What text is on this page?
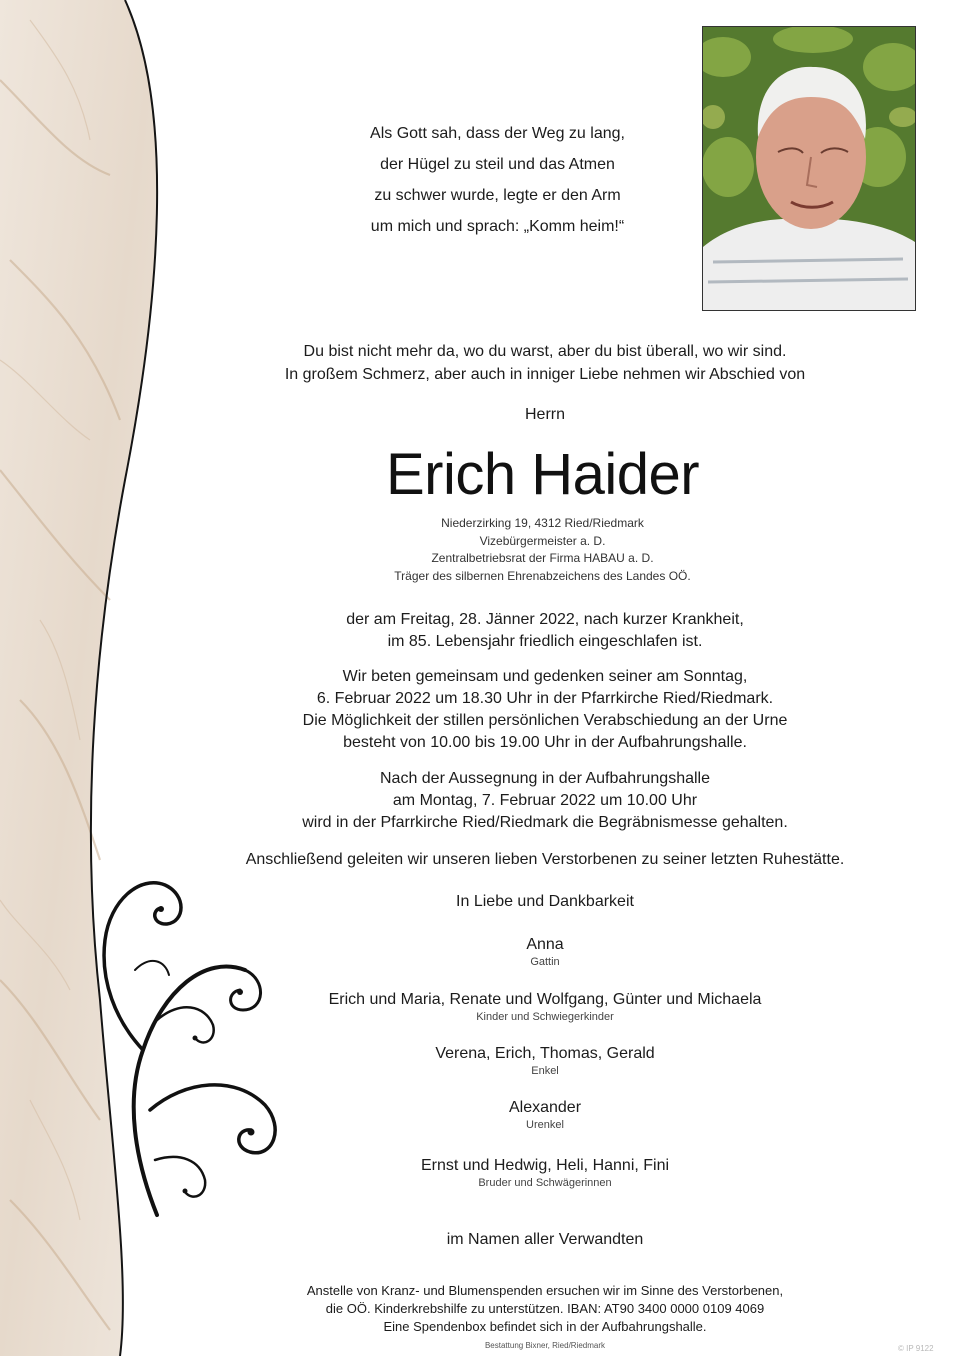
Als Gott sah, dass der Weg zu lang,
der Hügel zu steil und das Atmen
zu schwer wurde, legte er den Arm
um mich und sprach: „Komm heim!“
Du bist nicht mehr da, wo du warst, aber du bist überall, wo wir sind.
In großem Schmerz, aber auch in inniger Liebe nehmen wir Abschied von
Herrn
Erich Haider
Niederzirking 19, 4312 Ried/Riedmark
Vizebürgermeister a. D.
Zentralbetriebsrat der Firma HABAU a. D.
Träger des silbernen Ehrenabzeichens des Landes OÖ.
der am Freitag, 28. Jänner 2022, nach kurzer Krankheit,
im 85. Lebensjahr friedlich eingeschlafen ist.
Wir beten gemeinsam und gedenken seiner am Sonntag,
6. Februar 2022 um 18.30 Uhr in der Pfarrkirche Ried/Riedmark.
Die Möglichkeit der stillen persönlichen Verabschiedung an der Urne
besteht von 10.00 bis 19.00 Uhr in der Aufbahrungshalle.
Nach der Aussegnung in der Aufbahrungshalle
am Montag, 7. Februar 2022 um 10.00 Uhr
wird in der Pfarrkirche Ried/Riedmark die Begräbnismesse gehalten.
Anschließend geleiten wir unseren lieben Verstorbenen zu seiner letzten Ruhestätte.
In Liebe und Dankbarkeit
Anna
Gattin
Erich und Maria, Renate und Wolfgang, Günter und Michaela
Kinder und Schwiegerkinder
Verena, Erich, Thomas, Gerald
Enkel
Alexander
Urenkel
Ernst und Hedwig, Heli, Hanni, Fini
Bruder und Schwägerinnen
im Namen aller Verwandten
Anstelle von Kranz- und Blumenspenden ersuchen wir im Sinne des Verstorbenen,
die OÖ. Kinderkrebshilfe zu unterstützen. IBAN: AT90 3400 0000 0109 4069
Eine Spendenbox befindet sich in der Aufbahrungshalle.
Bestattung Bixner, Ried/Riedmark	© IP 9122
